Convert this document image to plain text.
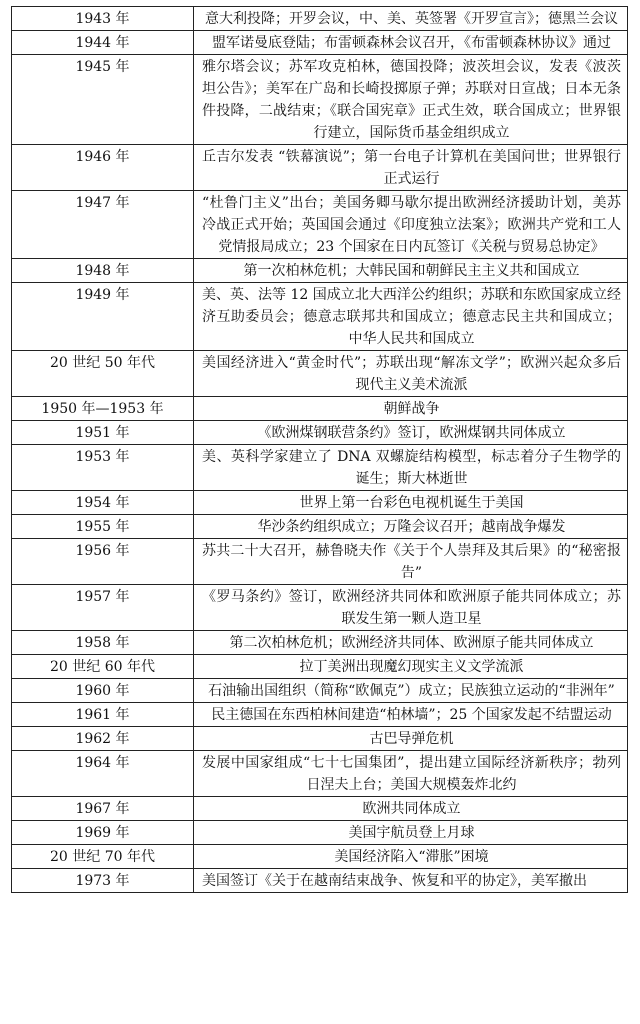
1943 年	意大利投降；开罗会议，中、美、英签署《开罗宣言》；德黑兰会议
1944 年	盟军诺曼底登陆；布雷顿森林会议召开，《布雷顿森林协议》通过
1945 年	雅尔塔会议；苏军攻克柏林，德国投降；波茨坦会议，发表《波茨坦公告》；美军在广岛和长崎投掷原子弹；苏联对日宣战；日本无条件投降，二战结束；《联合国宪章》正式生效，联合国成立；世界银行建立，国际货币基金组织成立
1946 年	丘吉尔发表 “铁幕演说”；第一台电子计算机在美国问世；世界银行正式运行
1947 年	“杜鲁门主义”出台；美国务卿马歇尔提出欧洲经济援助计划，美苏冷战正式开始；英国国会通过《印度独立法案》；欧洲共产党和工人党情报局成立；23 个国家在日内瓦签订《关税与贸易总协定》
1948 年	第一次柏林危机；大韩民国和朝鲜民主主义共和国成立
1949 年	美、英、法等 12 国成立北大西洋公约组织；苏联和东欧国家成立经济互助委员会；德意志联邦共和国成立；德意志民主共和国成立；中华人民共和国成立
20 世纪 50 年代	美国经济进入“黄金时代”；苏联出现“解冻文学”；欧洲兴起众多后现代主义美术流派
1950 年—1953 年	朝鲜战争
1951 年	《欧洲煤钢联营条约》签订，欧洲煤钢共同体成立
1953 年	美、英科学家建立了 DNA 双螺旋结构模型，标志着分子生物学的诞生；斯大林逝世
1954 年	世界上第一台彩色电视机诞生于美国
1955 年	华沙条约组织成立；万隆会议召开；越南战争爆发
1956 年	苏共二十大召开，赫鲁晓夫作《关于个人崇拜及其后果》的“秘密报告”
1957 年	《罗马条约》签订，欧洲经济共同体和欧洲原子能共同体成立；苏联发生第一颗人造卫星
1958 年	第二次柏林危机；欧洲经济共同体、欧洲原子能共同体成立
20 世纪 60 年代	拉丁美洲出现魔幻现实主义文学流派
1960 年	石油输出国组织（简称“欧佩克”）成立；民族独立运动的“非洲年”
1961 年	民主德国在东西柏林间建造“柏林墙”；25 个国家发起不结盟运动
1962 年	古巴导弹危机
1964 年	发展中国家组成“七十七国集团”，提出建立国际经济新秩序；勃列日涅夫上台；美国大规模轰炸北约
1967 年	欧洲共同体成立
1969 年	美国宇航员登上月球
20 世纪 70 年代	美国经济陷入“滞胀”困境
1973 年	美国签订《关于在越南结束战争、恢复和平的协定》，美军撤出
